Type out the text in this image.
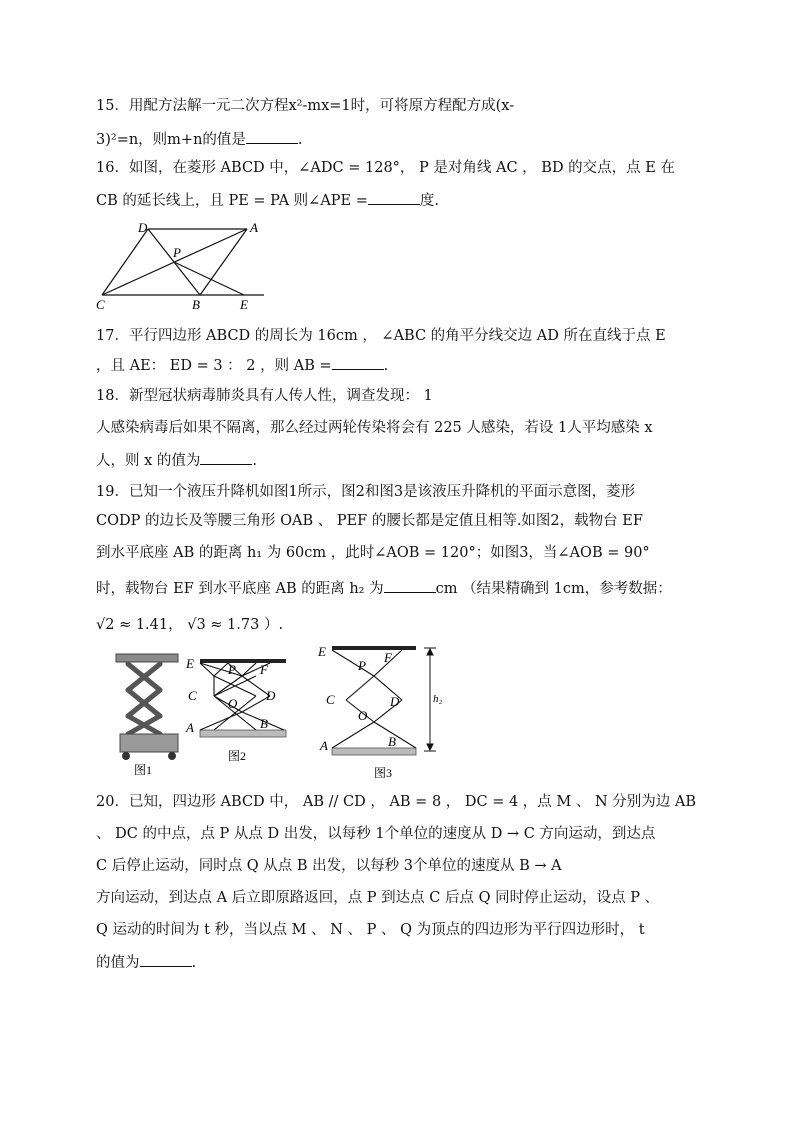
15．用配方法解一元二次方程x²-mx=1时，可将原方程配方成(x-
3)²=n，则m+n的值是	.
16．如图，在菱形 ABCD 中，∠ADC = 128°， P 是对角线 AC ， BD 的交点，点 E 在
CB 的延长线上，且 PE = PA 则∠APE =	度.
D	A
P
C	B	E
17．平行四边形 ABCD 的周长为 16cm ， ∠ABC 的角平分线交边 AD 所在直线于点 E
，且 AE： ED = 3 ： 2 ，则 AB =	.
18．新型冠状病毒肺炎具有人传人性，调查发现： 1
人感染病毒后如果不隔离，那么经过两轮传染将会有 225 人感染，若设 1人平均感染 x
人，则 x 的值为	.
19．已知一个液压升降机如图1所示，图2和图3是该液压升降机的平面示意图，菱形
CODP 的边长及等腰三角形 OAB 、 PEF 的腰长都是定值且相等.如图2，载物台 EF
到水平底座 AB 的距离 h₁ 为 60cm ，此时∠AOB = 120°；如图3，当∠AOB = 90°
时，载物台 EF 到水平底座 AB 的距离 h₂ 为	cm （结果精确到 1cm，参考数据：
√2 ≈ 1.41， √3 ≈ 1.73 ）.
图1
E	P F
C
O
D
A	B
图2
E
P
F
C
O
D
A	B
h₂
图3
20．已知，四边形 ABCD 中， AB // CD ， AB = 8 ， DC = 4 ，点 M 、 N 分别为边 AB
、 DC 的中点，点 P 从点 D 出发，以每秒 1个单位的速度从 D → C 方向运动，到达点
C 后停止运动，同时点 Q 从点 B 出发，以每秒 3个单位的速度从 B → A
方向运动，到达点 A 后立即原路返回，点 P 到达点 C 后点 Q 同时停止运动，设点 P 、
Q 运动的时间为 t 秒，当以点 M 、 N 、 P 、 Q 为顶点的四边形为平行四边形时， t
的值为	.
